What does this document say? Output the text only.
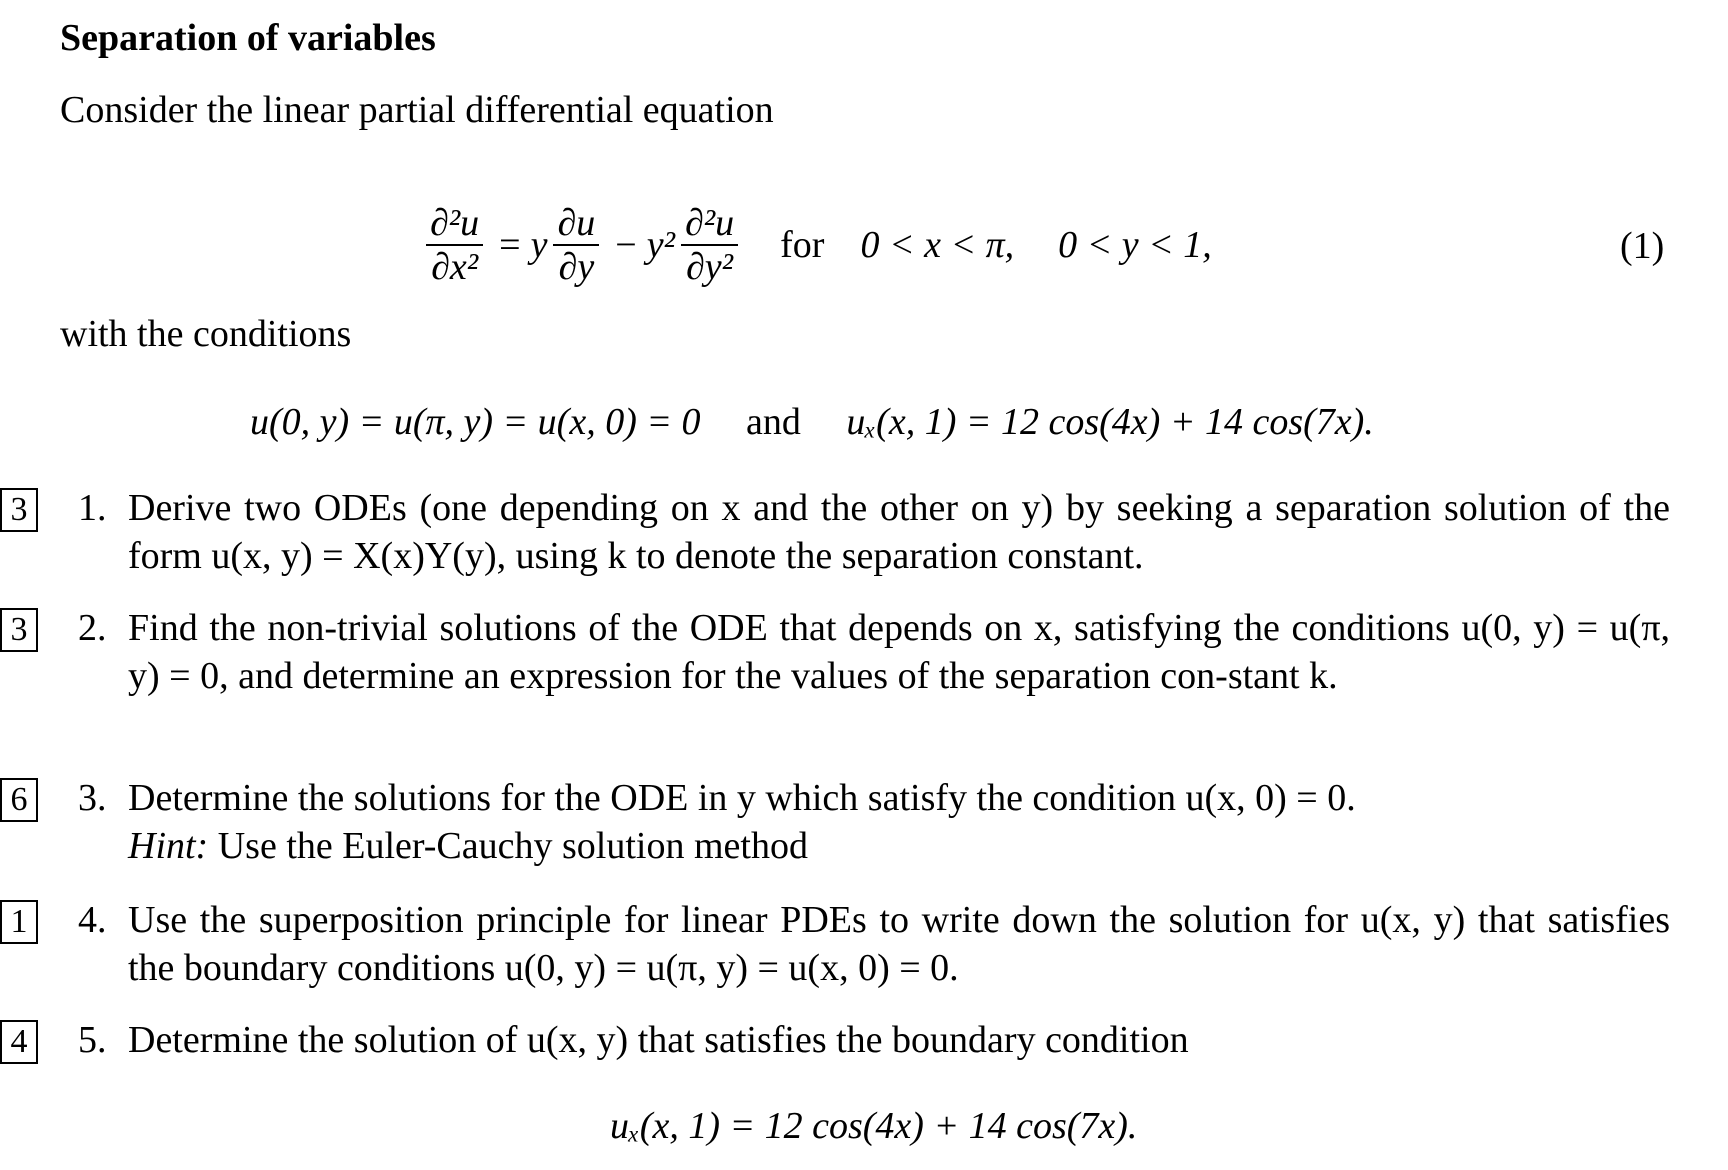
Separation of variables
Consider the linear partial differential equation
$\frac{\text{∂²u}}{\text{∂x²}} = y \frac{\partial u}{\partial y} - y^2 \frac{\text{∂²u}}{\text{∂y²}}$ for 0 < x < π, 0 < y < 1,	(1)
with the conditions
u(0, y) = u(π, y) = u(x, 0) = 0 and uₓ(x, 1) = 12 cos(4x) + 14 cos(7x).
3 1. Derive two ODEs (one depending on x and the other on y) by seeking a separation solution of the form u(x, y) = X(x)Y(y), using k to denote the separation constant.
3 2. Find the non-trivial solutions of the ODE that depends on x, satisfying the conditions u(0, y) = u(π, y) = 0, and determine an expression for the values of the separation con-stant k.
6 3. Determine the solutions for the ODE in y which satisfy the condition u(x, 0) = 0.
Hint: Use the Euler-Cauchy solution method
1 4. Use the superposition principle for linear PDEs to write down the solution for u(x, y) that satisfies the boundary conditions u(0, y) = u(π, y) = u(x, 0) = 0.
4 5. Determine the solution of u(x, y) that satisfies the boundary condition
uₓ(x, 1) = 12 cos(4x) + 14 cos(7x).
